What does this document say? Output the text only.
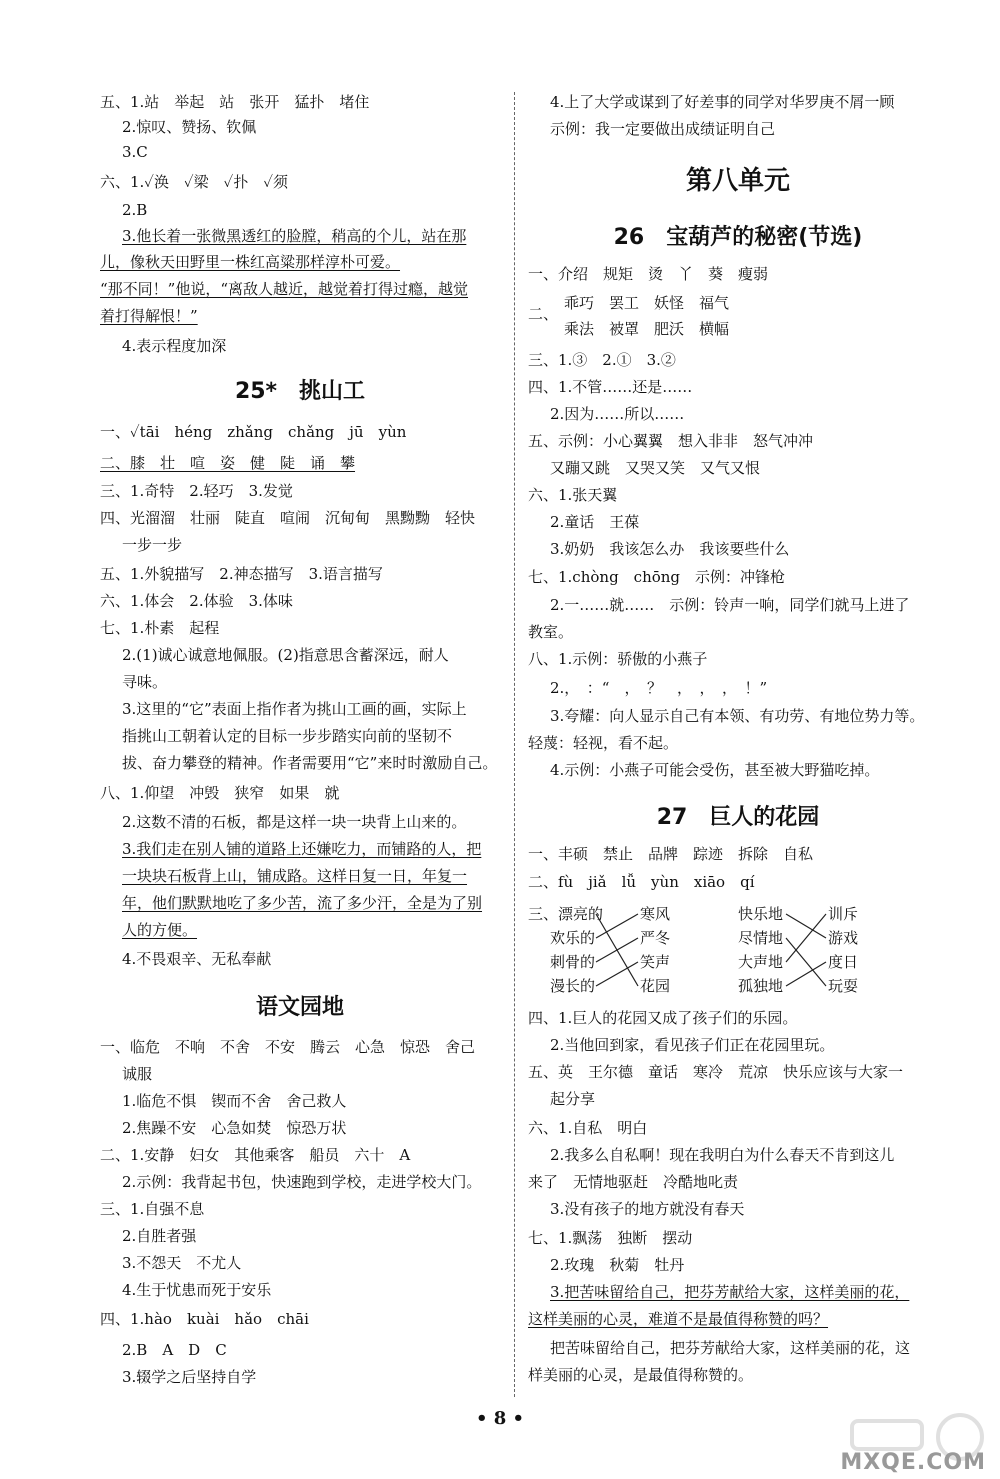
五、1.站　举起　站　张开　猛扑　堵住
2.惊叹、赞扬、钦佩
3.C
六、1.✓涣　✓梁　✓扑　✓须
2.B
3.他长着一张微黑透红的脸膛，稍高的个儿，站在那
儿，像秋天田野里一株红高粱那样淳朴可爱。
“那不同！”他说，“离敌人越近，越觉着打得过瘾，越觉
着打得解恨！”
4.表示程度加深
25*　挑山工
一、✓tāi　héng　zhǎng　chǎng　jū　yùn
二、膝　壮　喧　姿　健　陡　诵　攀
三、1.奇特　2.轻巧　3.发觉
四、光溜溜　壮丽　陡直　喧闹　沉甸甸　黑黝黝　轻快
一步一步
五、1.外貌描写　2.神态描写　3.语言描写
六、1.体会　2.体验　3.体味
七、1.朴素　起程
2.(1)诚心诚意地佩服。(2)指意思含蓄深远，耐人
寻味。
3.这里的“它”表面上指作者为挑山工画的画，实际上
指挑山工朝着认定的目标一步步踏实向前的坚韧不
拔、奋力攀登的精神。作者需要用“它”来时时激励自己。
八、1.仰望　冲毁　狭窄　如果　就
2.这数不清的石板，都是这样一块一块背上山来的。
3.我们走在别人铺的道路上还嫌吃力，而铺路的人，把
一块块石板背上山，铺成路。这样日复一日，年复一
年，他们默默地吃了多少苦，流了多少汗，全是为了别
人的方便。
4.不畏艰辛、无私奉献
语文园地
一、临危　不响　不舍　不安　腾云　心急　惊恐　舍己
诚服
1.临危不惧　锲而不舍　舍己救人
2.焦躁不安　心急如焚　惊恐万状
二、1.安静　妇女　其他乘客　船员　六十　A
2.示例：我背起书包，快速跑到学校，走进学校大门。
三、1.自强不息
2.自胜者强
3.不怨天　不尤人
4.生于忧患而死于安乐
四、1.hào　kuài　hǎo　chāi
2.B　A　D　C
3.辍学之后坚持自学
4.上了大学或谋到了好差事的同学对华罗庚不屑一顾
示例：我一定要做出成绩证明自己
第八单元
26　宝葫芦的秘密(节选)
一、介绍　规矩　烫　丫　葵　瘦弱
二、
乖巧　罢工　妖怪　福气
乘法　被罩　肥沃　横幅
三、1.③　2.①　3.②
四、1.不管……还是……
2.因为……所以……
五、示例：小心翼翼　想入非非　怒气冲冲
又蹦又跳　又哭又笑　又气又恨
六、1.张天翼
2.童话　王葆
3.奶奶　我该怎么办　我该要些什么
七、1.chòng　chōng　示例：冲锋枪
2.一……就……　示例：铃声一响，同学们就马上进了
教室。
八、1.示例：骄傲的小燕子
2.，　：“　，　？　，　，　，　！”
3.夸耀：向人显示自己有本领、有功劳、有地位势力等。
轻蔑：轻视，看不起。
4.示例：小燕子可能会受伤，甚至被大野猫吃掉。
27　巨人的花园
一、丰硕　禁止　品牌　踪迹　拆除　自私
二、fù　jiǎ　lǚ　yùn　xiāo　qí
三、漂亮的
欢乐的
刺骨的
漫长的
寒风
严冬
笑声
花园
快乐地
尽情地
大声地
孤独地
训斥
游戏
度日
玩耍
四、1.巨人的花园又成了孩子们的乐园。
2.当他回到家，看见孩子们正在花园里玩。
五、英　王尔德　童话　寒冷　荒凉　快乐应该与大家一
起分享
六、1.自私　明白
2.我多么自私啊！现在我明白为什么春天不肯到这儿
来了　无情地驱赶　冷酷地叱责
3.没有孩子的地方就没有春天
七、1.飘荡　独断　摆动
2.玫瑰　秋菊　牡丹
3.把苦味留给自己，把芬芳献给大家，这样美丽的花，
这样美丽的心灵，难道不是最值得称赞的吗？
把苦味留给自己，把芬芳献给大家，这样美丽的花，这
样美丽的心灵，是最值得称赞的。
• 8 •
MXQE.COM
